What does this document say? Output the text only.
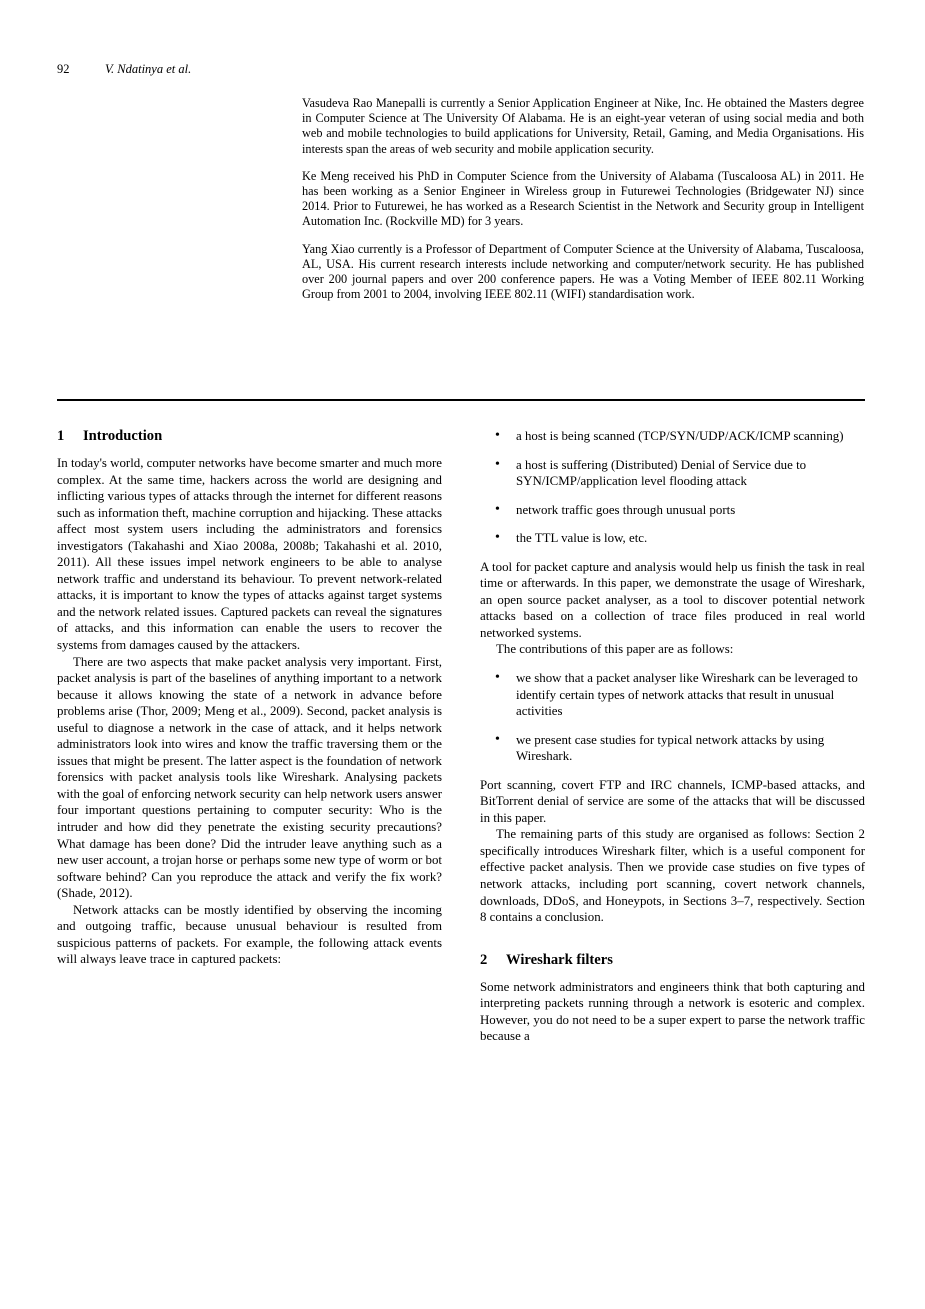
92	V. Ndatinya et al.

Vasudeva Rao Manepalli is currently a Senior Application Engineer at Nike, Inc. He obtained the Masters degree in Computer Science at The University Of Alabama. He is an eight-year veteran of using social media and both web and mobile technologies to build applications for University, Retail, Gaming, and Media Organisations. His interests span the areas of web security and mobile application security.

Ke Meng received his PhD in Computer Science from the University of Alabama (Tuscaloosa AL) in 2011. He has been working as a Senior Engineer in Wireless group in Futurewei Technologies (Bridgewater NJ) since 2014. Prior to Futurewei, he has worked as a Research Scientist in the Network and Security group in Intelligent Automation Inc. (Rockville MD) for 3 years.

Yang Xiao currently is a Professor of Department of Computer Science at the University of Alabama, Tuscaloosa, AL, USA. His current research interests include networking and computer/network security. He has published over 200 journal papers and over 200 conference papers. He was a Voting Member of IEEE 802.11 Working Group from 2001 to 2004, involving IEEE 802.11 (WIFI) standardisation work.

1 Introduction

In today's world, computer networks have become smarter and much more complex. At the same time, hackers across the world are designing and inflicting various types of attacks through the internet for different reasons such as information theft, machine corruption and hijacking. These attacks affect most system users including the administrators and forensics investigators (Takahashi and Xiao 2008a, 2008b; Takahashi et al. 2010, 2011). All these issues impel network engineers to be able to analyse network traffic and understand its behaviour. To prevent network-related attacks, it is important to know the types of attacks against target systems and the network related issues. Captured packets can reveal the signatures of attacks, and this information can enable the users to recover the systems from damages caused by the attackers.

There are two aspects that make packet analysis very important. First, packet analysis is part of the baselines of anything important to a network because it allows knowing the state of a network in advance before problems arise (Thor, 2009; Meng et al., 2009). Second, packet analysis is useful to diagnose a network in the case of attack, and it helps network administrators look into wires and know the traffic traversing them or the issues that might be present. The latter aspect is the foundation of network forensics with packet analysis tools like Wireshark. Analysing packets with the goal of enforcing network security can help network users answer four important questions pertaining to computer security: Who is the intruder and how did they penetrate the existing security precautions? What damage has been done? Did the intruder leave anything such as a new user account, a trojan horse or perhaps some new type of worm or bot software behind? Can you reproduce the attack and verify the fix work? (Shade, 2012).

Network attacks can be mostly identified by observing the incoming and outgoing traffic, because unusual behaviour is resulted from suspicious patterns of packets. For example, the following attack events will always leave trace in captured packets:

• a host is being scanned (TCP/SYN/UDP/ACK/ICMP scanning)
• a host is suffering (Distributed) Denial of Service due to SYN/ICMP/application level flooding attack
• network traffic goes through unusual ports
• the TTL value is low, etc.

A tool for packet capture and analysis would help us finish the task in real time or afterwards. In this paper, we demonstrate the usage of Wireshark, an open source packet analyser, as a tool to discover potential network attacks based on a collection of trace files produced in real world networked systems.

The contributions of this paper are as follows:

• we show that a packet analyser like Wireshark can be leveraged to identify certain types of network attacks that result in unusual activities
• we present case studies for typical network attacks by using Wireshark.

Port scanning, covert FTP and IRC channels, ICMP-based attacks, and BitTorrent denial of service are some of the attacks that will be discussed in this paper.

The remaining parts of this study are organised as follows: Section 2 specifically introduces Wireshark filter, which is a useful component for effective packet analysis. Then we provide case studies on five types of network attacks, including port scanning, covert network channels, downloads, DDoS, and Honeypots, in Sections 3–7, respectively. Section 8 contains a conclusion.

2 Wireshark filters

Some network administrators and engineers think that both capturing and interpreting packets running through a network is esoteric and complex. However, you do not need to be a super expert to parse the network traffic because a
